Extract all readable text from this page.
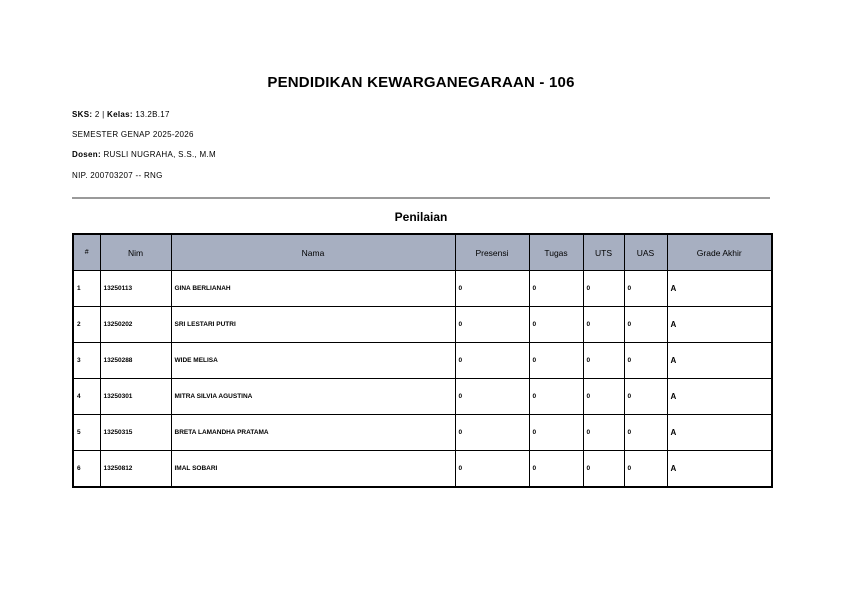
PENDIDIKAN KEWARGANEGARAAN - 106
SKS: 2 | Kelas: 13.2B.17
SEMESTER GENAP 2025-2026
Dosen: RUSLI NUGRAHA, S.S., M.M
NIP. 200703207 -- RNG
Penilaian
#	Nim	Nama	Presensi	Tugas	UTS	UAS	Grade Akhir
1	13250113	GINA BERLIANAH	0	0	0	0	A
2	13250202	SRI LESTARI PUTRI	0	0	0	0	A
3	13250288	WIDE MELISA	0	0	0	0	A
4	13250301	MITRA SILVIA AGUSTINA	0	0	0	0	A
5	13250315	BRETA LAMANDHA PRATAMA	0	0	0	0	A
6	13250812	IMAL SOBARI	0	0	0	0	A
